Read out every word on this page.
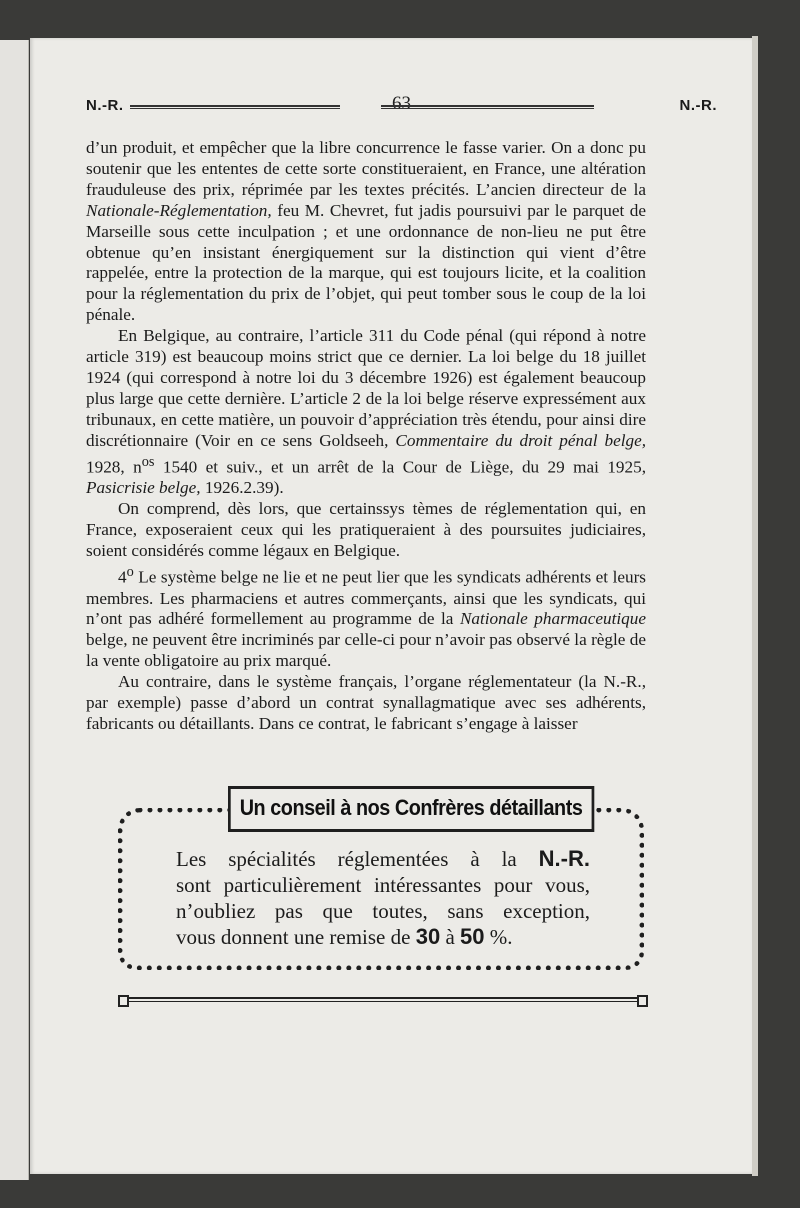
N.-R.	63	N.-R.

d’un produit, et empêcher que la libre concurrence le fasse varier. On a donc pu soutenir que les ententes de cette sorte constitueraient, en France, une altération frauduleuse des prix, réprimée par les textes précités. L’ancien directeur de la Nationale-Réglementation, feu M. Chevret, fut jadis poursuivi par le parquet de Marseille sous cette inculpation ; et une ordonnance de non-lieu ne put être obtenue qu’en insistant énergiquement sur la distinction qui vient d’être rappelée, entre la protection de la marque, qui est toujours licite, et la coalition pour la réglementation du prix de l’objet, qui peut tomber sous le coup de la loi pénale.

En Belgique, au contraire, l’article 311 du Code pénal (qui répond à notre article 319) est beaucoup moins strict que ce dernier. La loi belge du 18 juillet 1924 (qui correspond à notre loi du 3 décembre 1926) est également beaucoup plus large que cette dernière. L’article 2 de la loi belge réserve expressément aux tribunaux, en cette matière, un pouvoir d’appréciation très étendu, pour ainsi dire discrétionnaire (Voir en ce sens Goldseeh, Commentaire du droit pénal belge, 1928, $n^{os}$ 1540 et suiv., et un arrêt de la Cour de Liège, du 29 mai 1925, Pasicrisie belge, 1926.2.39).

On comprend, dès lors, que certainssys tèmes de réglementation qui, en France, exposeraient ceux qui les pratiqueraient à des poursuites judiciaires, soient considérés comme légaux en Belgique.

4$^o$ Le système belge ne lie et ne peut lier que les syndicats adhérents et leurs membres. Les pharmaciens et autres commerçants, ainsi que les syndicats, qui n’ont pas adhéré formellement au programme de la Nationale pharmaceutique belge, ne peuvent être incriminés par celle-ci pour n’avoir pas observé la règle de la vente obligatoire au prix marqué.

Au contraire, dans le système français, l’organe réglementateur (la N.-R., par exemple) passe d’abord un contrat synallagmatique avec ses adhérents, fabricants ou détaillants. Dans ce contrat, le fabricant s’engage à laisser

Un conseil à nos Confrères détaillants

Les spécialités réglementées à la N.-R.

sont particulièrement intéressantes pour vous,

n’oubliez pas que toutes, sans exception,

vous donnent une remise de 30 à 50 %.
